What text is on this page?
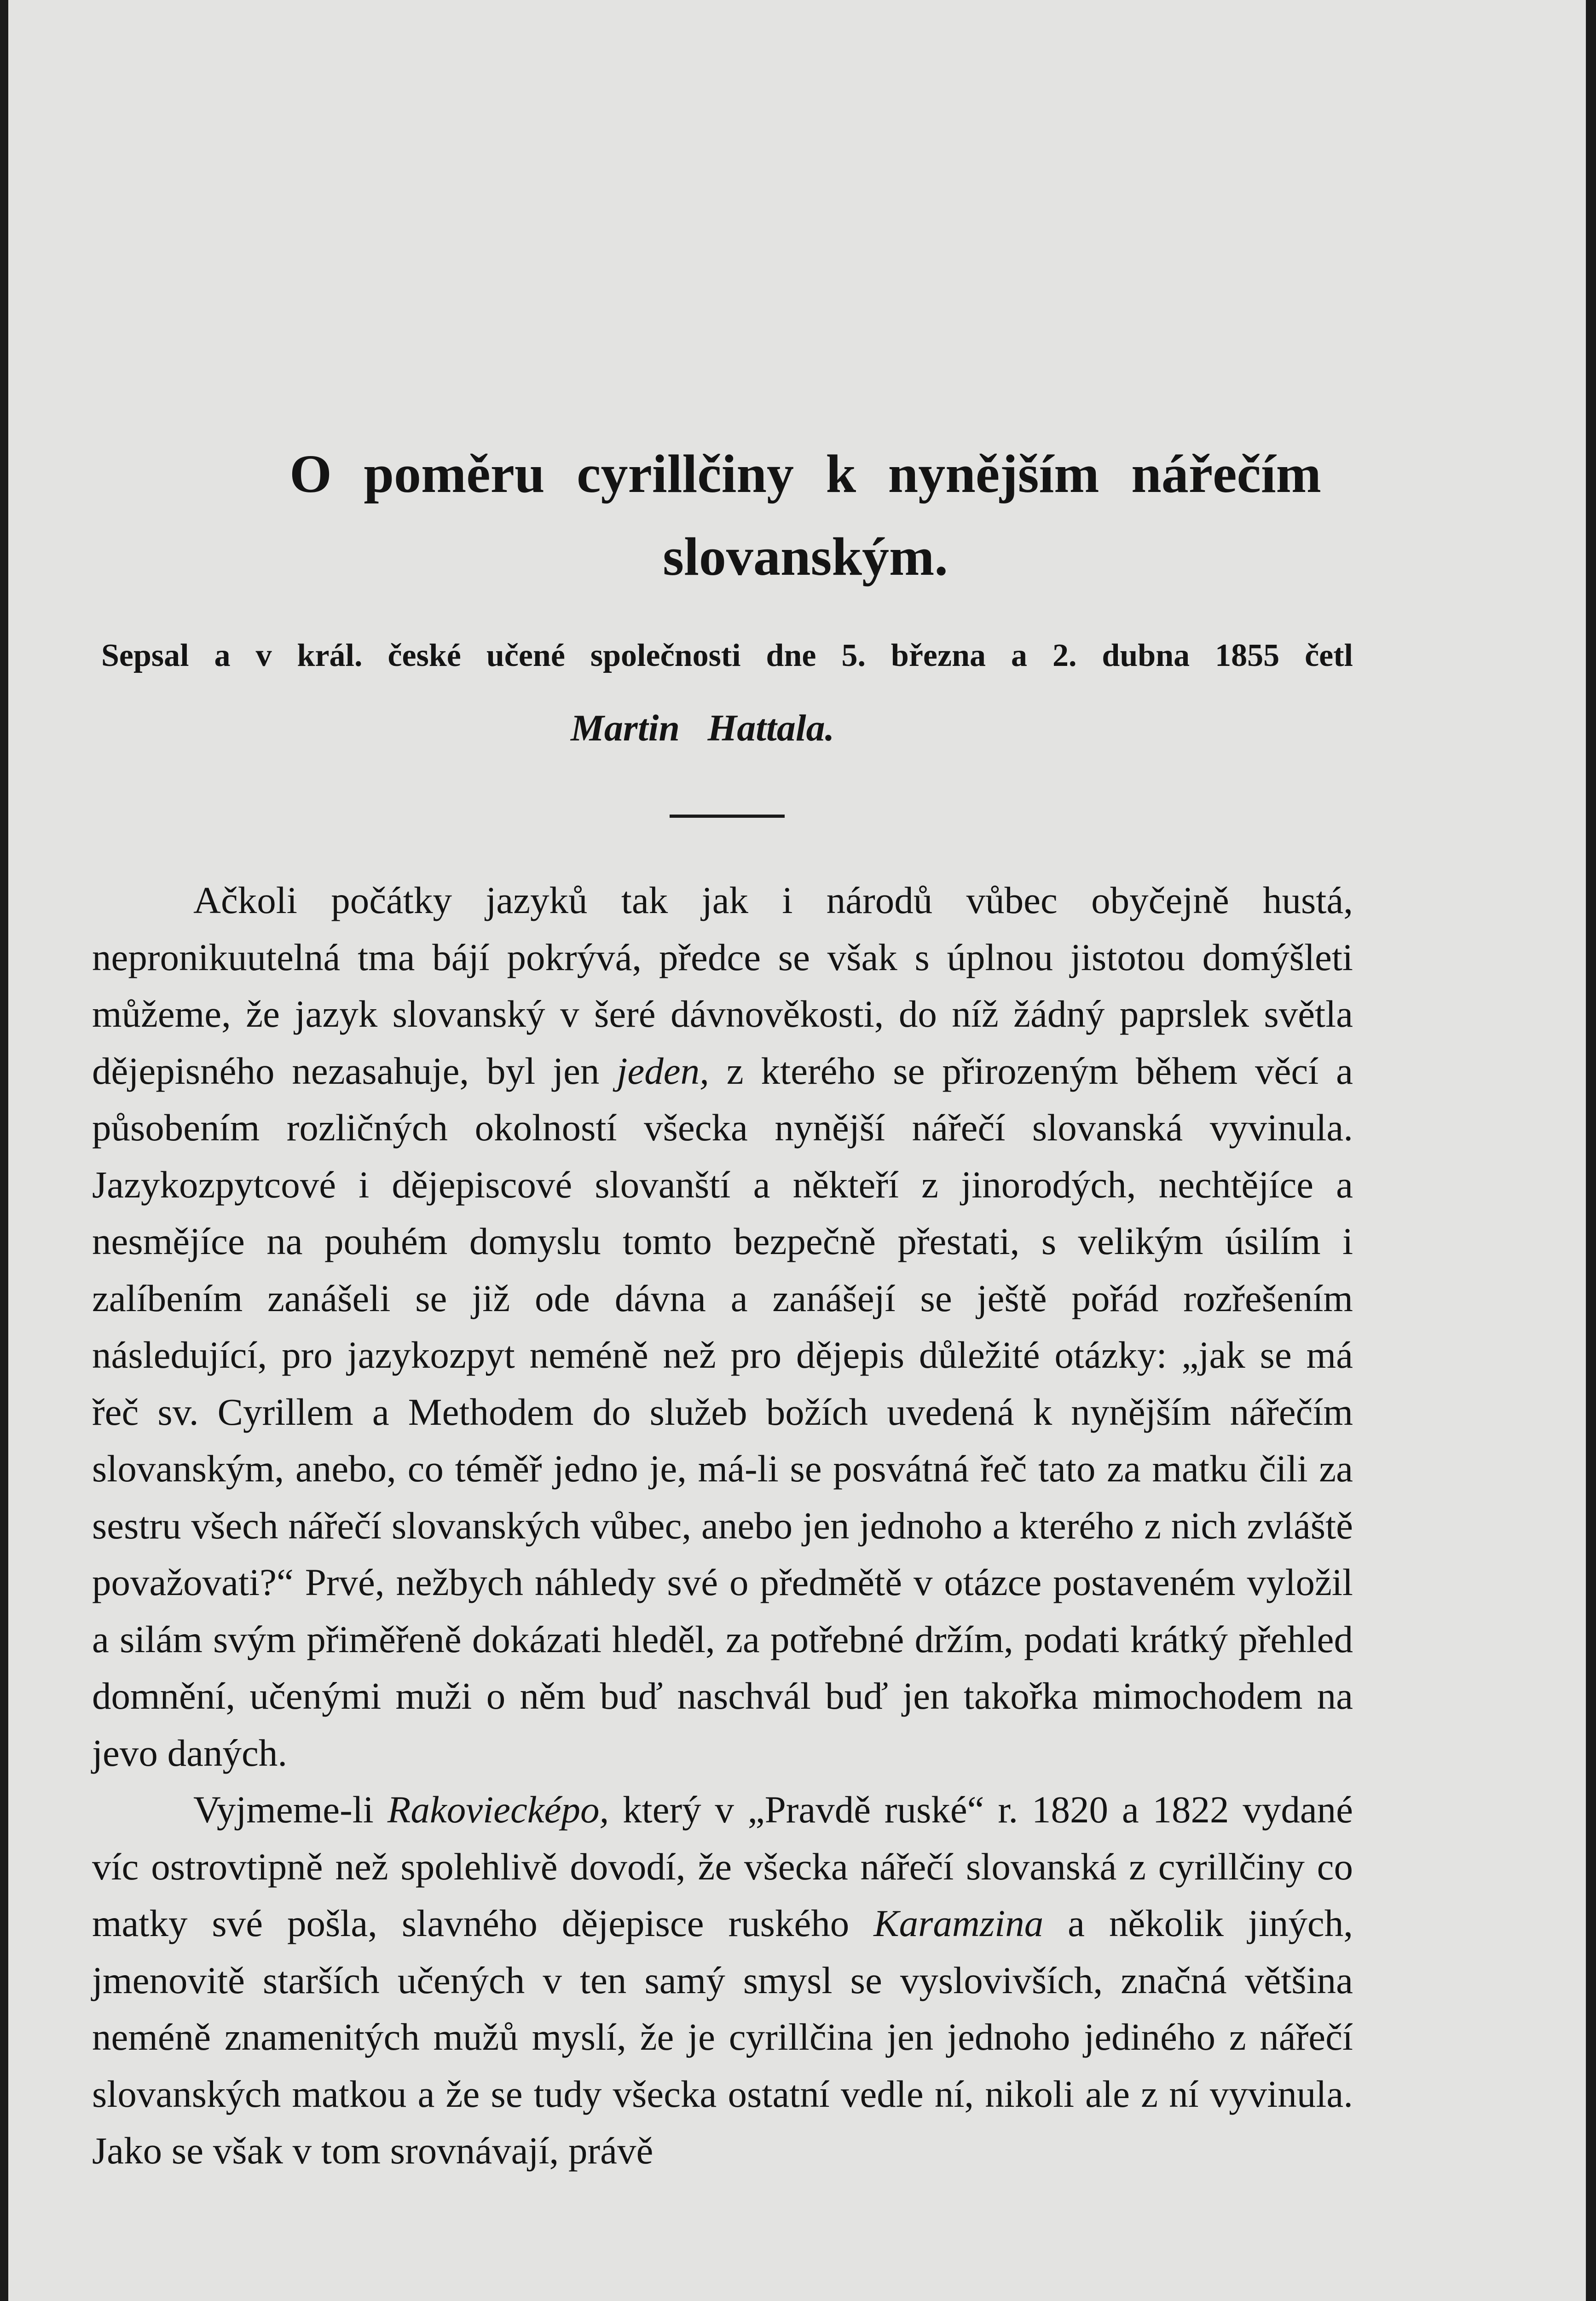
O poměru cyrillčiny k nynějším nářečím
slovanským.
Sepsal a v král. české učené společnosti dne 5. března a 2. dubna 1855 četl
Martin Hattala.

Ačkoli počátky jazyků tak jak i národů vůbec obyčejně hustá, nepronikuutelná tma bájí pokrývá, předce se však s úplnou jistotou domýšleti můžeme, že jazyk slovanský v šeré dávnověkosti, do níž žádný paprslek světla dějepisného nezasahuje, byl jen jeden, z kterého se přirozeným během věcí a působením rozličných okolností všecka nynější nářečí slovanská vyvinula. Jazykozpytcové i dějepiscové slovanští a někteří z jinorodých, nechtějíce a nesmějíce na pouhém domyslu tomto bezpečně přestati, s velikým úsilím i zalíbením zanášeli se již ode dávna a zanášejí se ještě pořád rozřešením následující, pro jazykozpyt neméně než pro dějepis důležité otázky: „jak se má řeč sv. Cyrillem a Methodem do služeb božích uvedená k nynějším nářečím slovanským, anebo, co téměř jedno je, má-li se posvátná řeč tato za matku čili za sestru všech nářečí slovanských vůbec, anebo jen jednoho a kterého z nich zvláště považovati?“ Prvé, nežbych náhledy své o předmětě v otázce postaveném vyložil a silám svým přiměřeně dokázati hleděl, za potřebné držím, podati krátký přehled domnění, učenými muži o něm buď naschvál buď jen takořka mimochodem na jevo daných.

Vyjmeme-li Rakoviecképo, který v „Pravdě ruské“ r. 1820 a 1822 vydané víc ostrovtipně než spolehlivě dovodí, že všecka nářečí slovanská z cyrillčiny co matky své pošla, slavného dějepisce ruského Karamzina a několik jiných, jmenovitě starších učených v ten samý smysl se vyslovivších, značná většina neméně znamenitých mužů myslí, že je cyrillčina jen jednoho jediného z nářečí slovanských matkou a že se tudy všecka ostatní vedle ní, nikoli ale z ní vyvinula. Jako se však v tom srovnávají, právě
